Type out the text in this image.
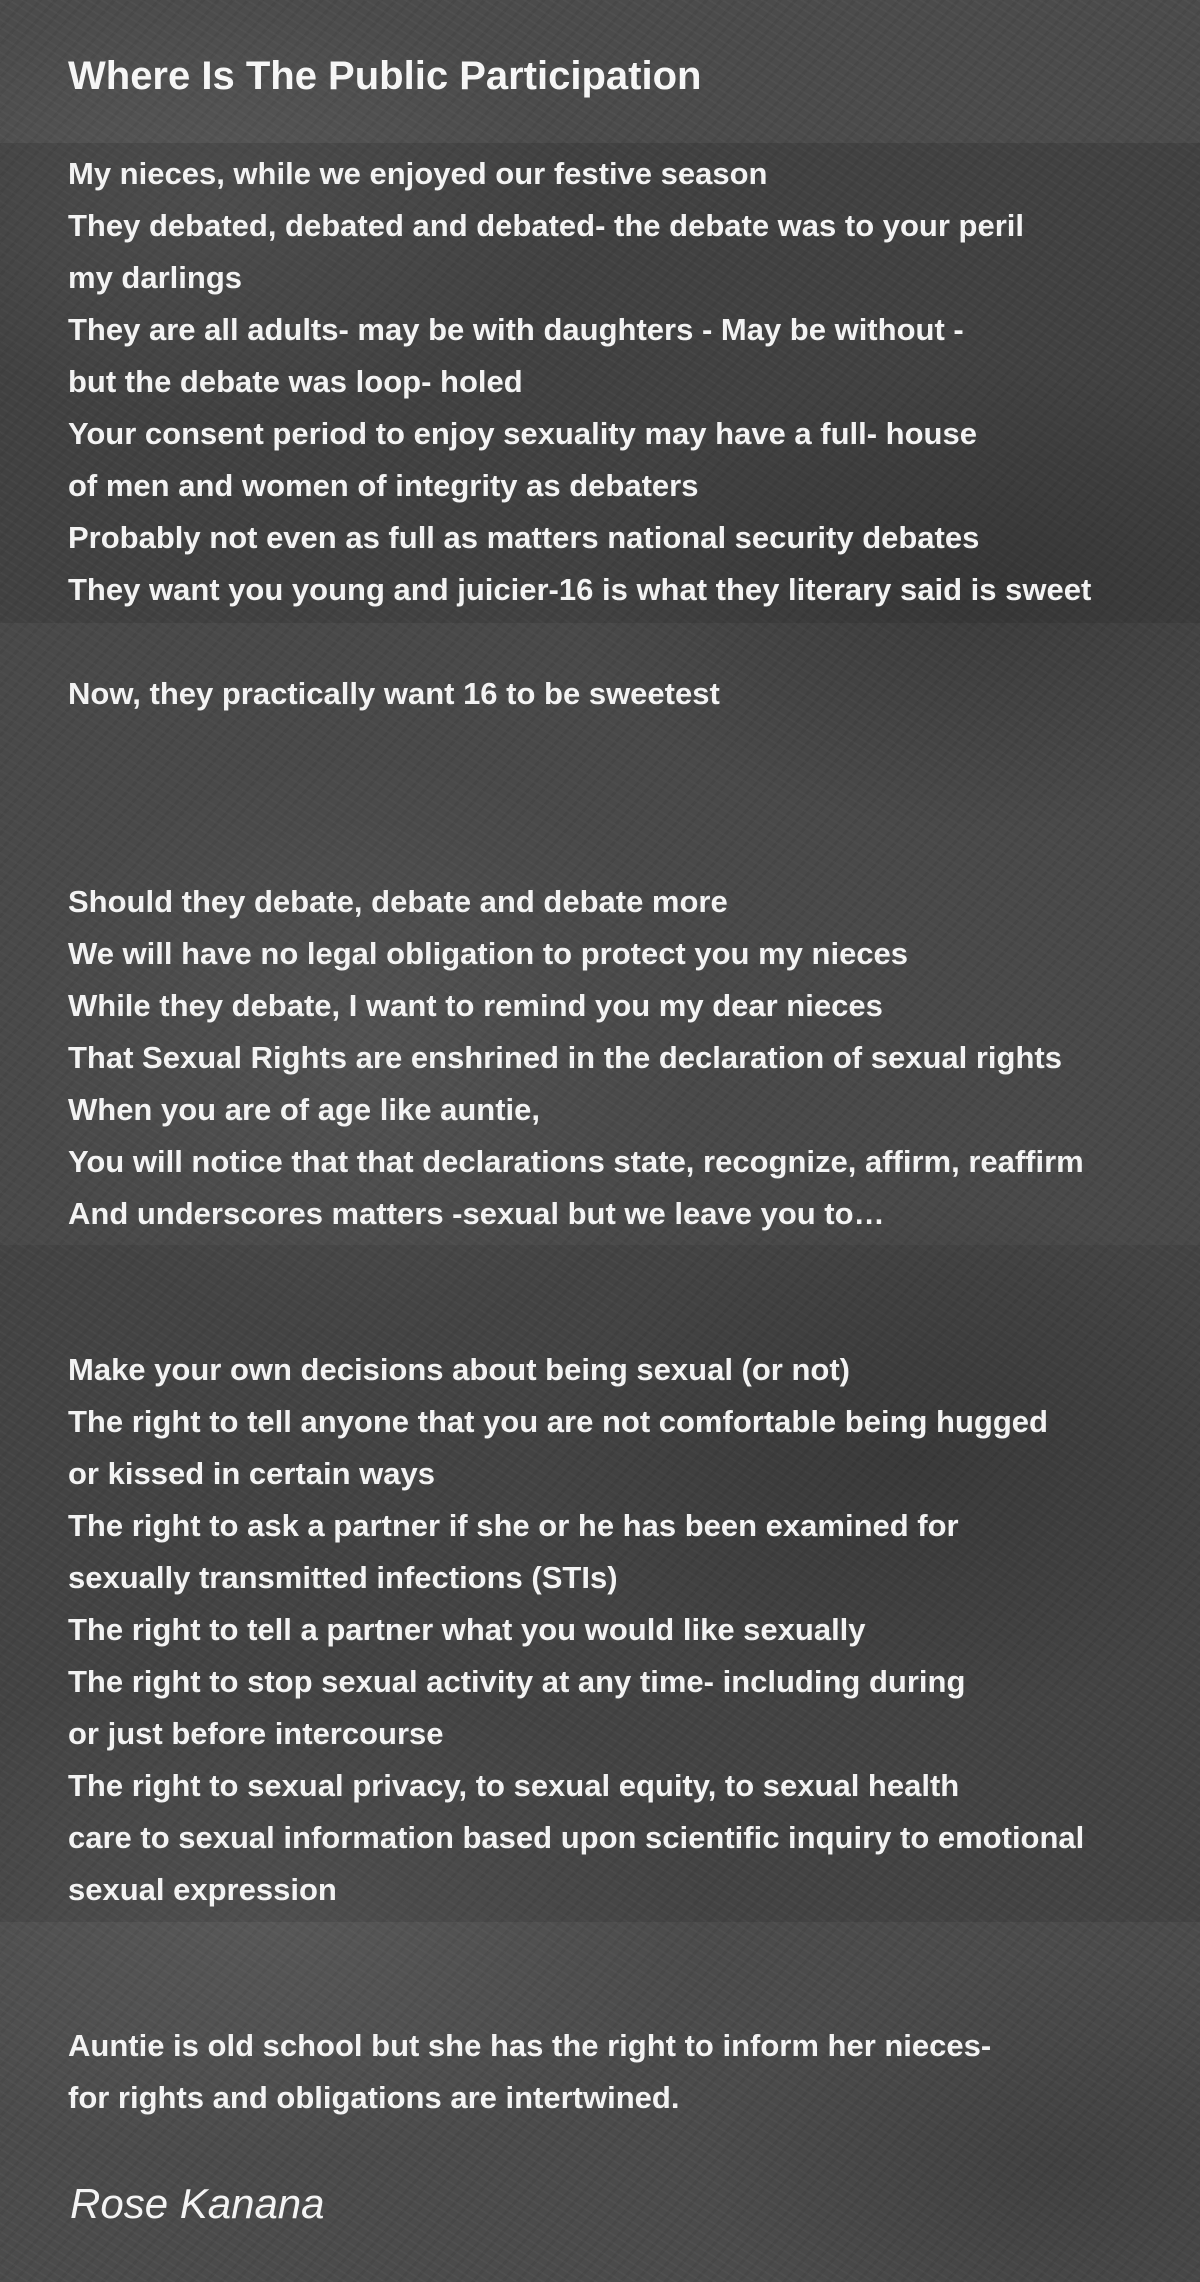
Where Is The Public Participation
My nieces, while we enjoyed our festive season
They debated, debated and debated- the debate was to your peril
my darlings
They are all adults- may be with daughters - May be without -
but the debate was loop- holed
Your consent period to enjoy sexuality may have a full- house
of men and women of integrity as debaters
Probably not even as full as matters national security debates
They want you young and juicier-16 is what they literary said is sweet
Now, they practically want 16 to be sweetest
Should they debate, debate and debate more
We will have no legal obligation to protect you my nieces
While they debate, I want to remind you my dear nieces
That Sexual Rights are enshrined in the declaration of sexual rights
When you are of age like auntie,
You will notice that that declarations state, recognize, affirm, reaffirm
And underscores matters -sexual but we leave you to…
Make your own decisions about being sexual (or not)
The right to tell anyone that you are not comfortable being hugged
or kissed in certain ways
The right to ask a partner if she or he has been examined for
sexually transmitted infections (STIs)
The right to tell a partner what you would like sexually
The right to stop sexual activity at any time- including during
or just before intercourse
The right to sexual privacy, to sexual equity, to sexual health
care to sexual information based upon scientific inquiry to emotional
sexual expression
Auntie is old school but she has the right to inform her nieces-
for rights and obligations are intertwined.
Rose Kanana
